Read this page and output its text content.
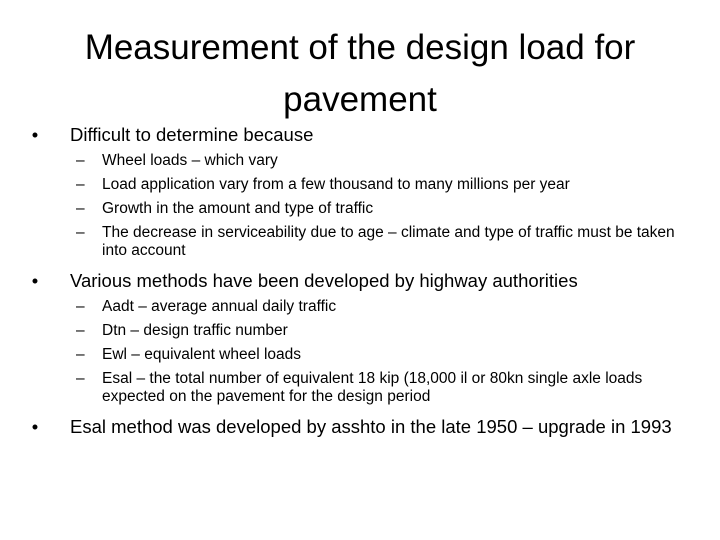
Measurement of the design load for
pavement
• Difficult to determine because
– Wheel loads – which vary
– Load application vary from a few thousand to many millions per year
– Growth in the amount and type of traffic
– The decrease in serviceability due to age – climate and type of traffic must be taken into account
• Various methods have been developed by highway authorities
– Aadt – average annual daily traffic
– Dtn – design traffic number
– Ewl – equivalent wheel loads
– Esal – the total number of equivalent 18 kip (18,000 il or 80kn single axle loads expected on the pavement for the design period
• Esal method was developed by asshto in the late 1950 – upgrade in 1993
